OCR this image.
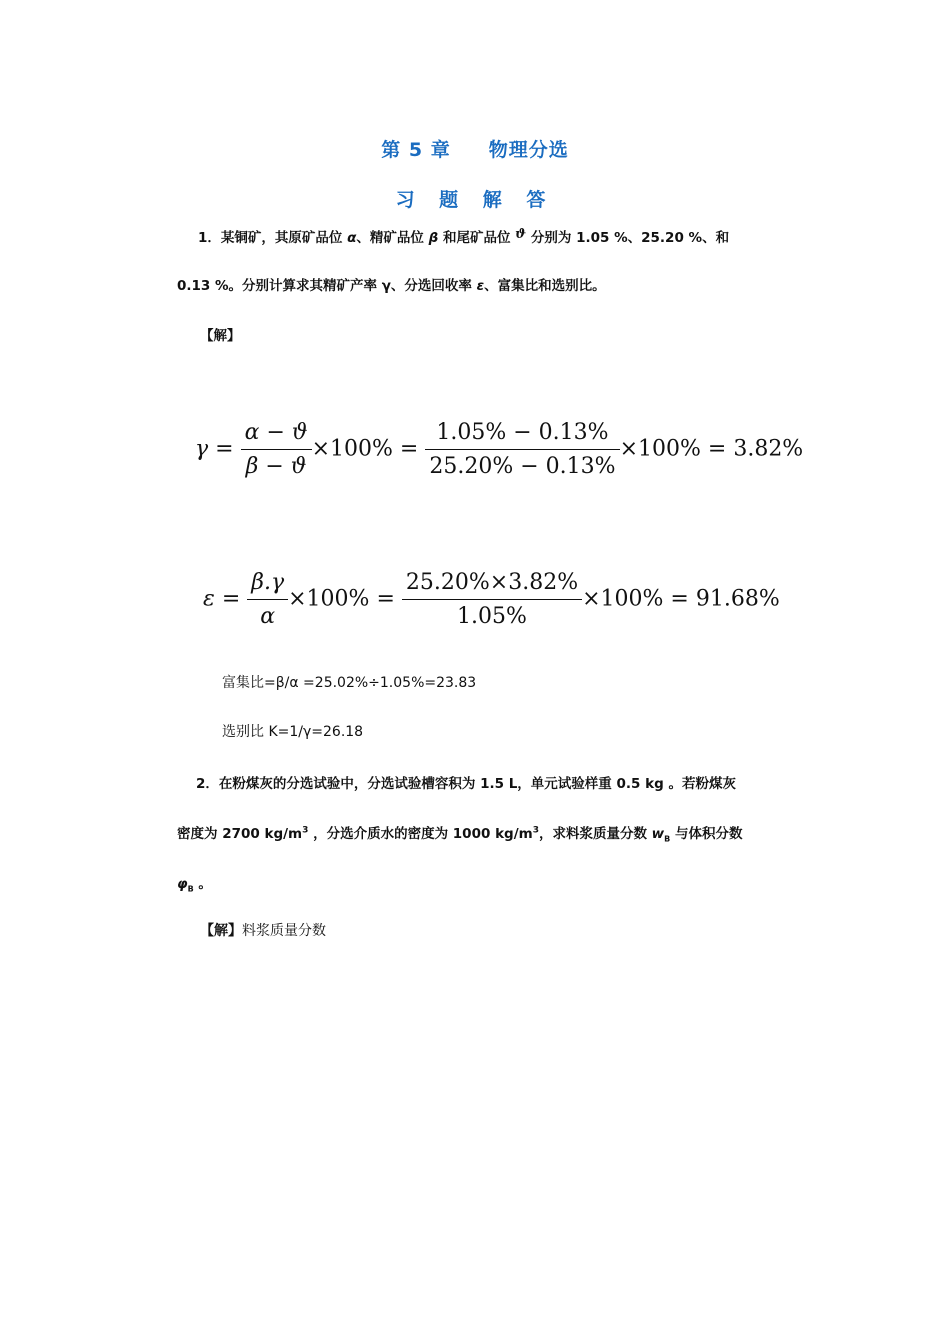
第 5 章 物理分选
习 题 解 答
1．某铜矿，其原矿品位 α、精矿品位 β 和尾矿品位 ϑ 分别为 1.05 %、25.20 %、和
0.13 %。分别计算求其精矿产率 γ、分选回收率 ε、富集比和选别比。
【解】
$\gamma = \frac{\alpha - ϑ}{\beta - ϑ} \times 100\% = \frac{1.05\% - 0.13\%}{25.20\% - 0.13\%} \times 100\% = 3.82\%$
$\varepsilon = \frac{\beta.\gamma}{\alpha} \times 100\% = \frac{25.20\%\times 3.82\%}{1.05\%} \times 100\% = 91.68\%$
富集比=β/α =25.02%÷1.05%=23.83
选别比 K=1/γ=26.18
2．在粉煤灰的分选试验中，分选试验槽容积为 1.5 L，单元试验样重 0.5 kg 。若粉煤灰
密度为 2700 $kg/m^3$ ，分选介质水的密度为 1000 $kg/m^3$，求料浆质量分数 $w_B$ 与体积分数
$\varphi_B$ 。
【解】料浆质量分数
